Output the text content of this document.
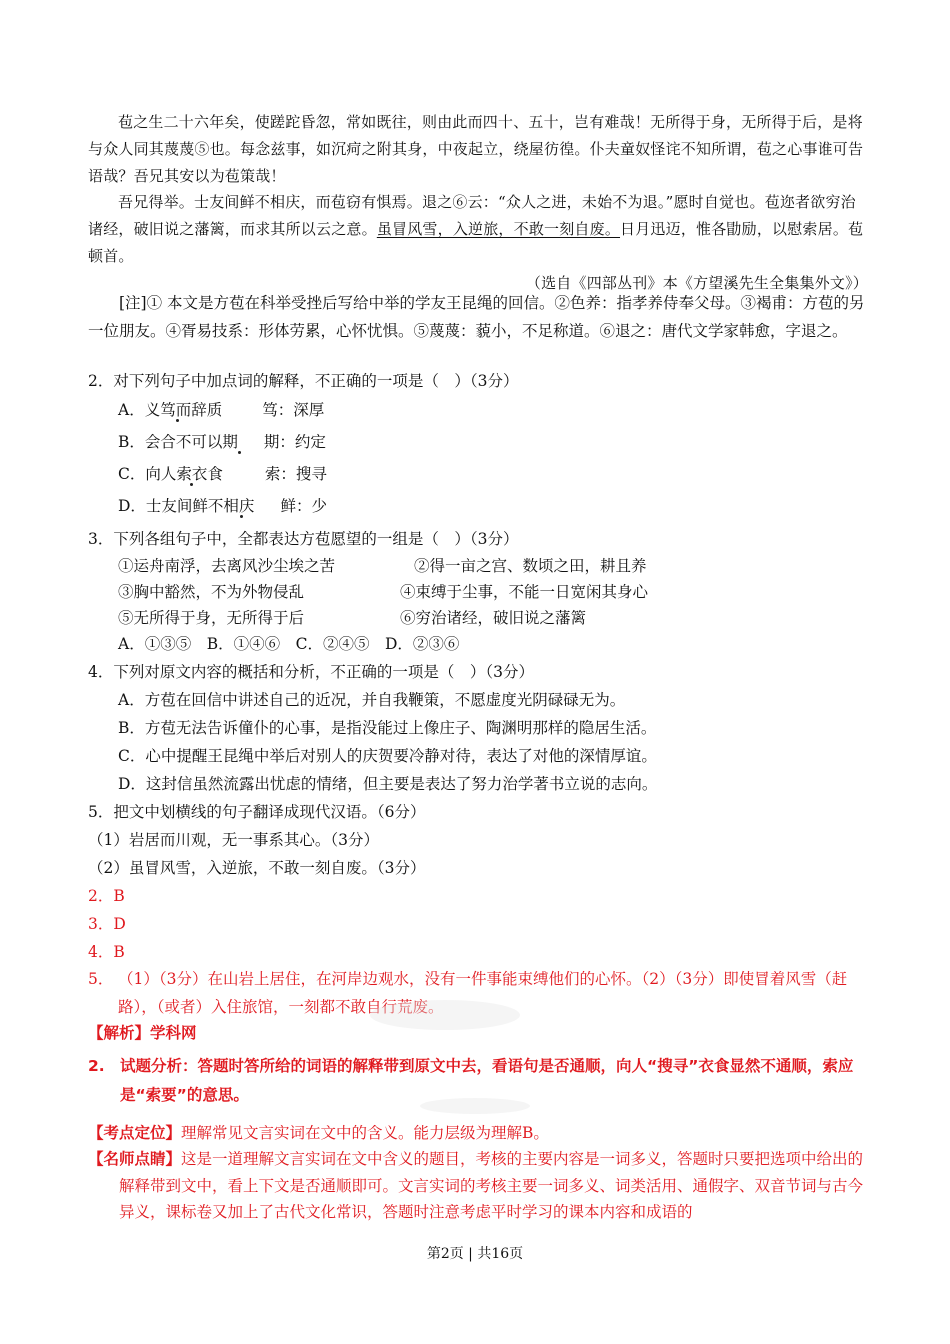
苞之生二十六年矣，使蹉跎昏忽，常如既往，则由此而四十、五十，岂有难哉！无所得于身，无所得于后，是将与众人同其蔑蔑⑤也。每念兹事，如沉疴之附其身，中夜起立，绕屋彷徨。仆夫童奴怪诧不知所谓，苞之心事谁可告语哉？吾兄其安以为苞策哉！

吾兄得举。士友间鲜不相庆，而苞窃有惧焉。退之⑥云：“众人之进，未始不为退。”愿时自觉也。苞迩者欲穷治诸经，破旧说之藩篱，而求其所以云之意。虽冒风雪，入逆旅，不敢一刻自废。日月迅迈，惟各勖励，以慰索居。苞顿首。

（选自《四部丛刊》本《方望溪先生全集集外文》）

[注]① 本文是方苞在科举受挫后写给中举的学友王昆绳的回信。②色养：指孝养侍奉父母。③褐甫：方苞的另一位朋友。④胥易技系：形体劳累，心怀忧惧。⑤蔑蔑：藐小，不足称道。⑥退之：唐代文学家韩愈，字退之。

2．对下列句子中加点词的解释，不正确的一项是（　）（3分）
A．义笃而辞质	笃：深厚
B．会合不可以期 期：约定
C．向人索衣食	索：搜寻
D．士友间鲜不相庆 鲜：少
3．下列各组句子中，全都表达方苞愿望的一组是（　）（3分）
①运舟南浮，去离风沙尘埃之苦	②得一亩之宫、数顷之田，耕且养
③胸中豁然，不为外物侵乱	④束缚于尘事，不能一日宽闲其身心
⑤无所得于身，无所得于后	⑥穷治诸经，破旧说之藩篱
A．①③⑤　B．①④⑥　C．②④⑤　D．②③⑥
4．下列对原文内容的概括和分析，不正确的一项是（　）（3分）
A．方苞在回信中讲述自己的近况，并自我鞭策，不愿虚度光阴碌碌无为。
B．方苞无法告诉僮仆的心事，是指没能过上像庄子、陶渊明那样的隐居生活。
C．心中提醒王昆绳中举后对别人的庆贺要冷静对待，表达了对他的深情厚谊。
D．这封信虽然流露出忧虑的情绪，但主要是表达了努力治学著书立说的志向。
5．把文中划横线的句子翻译成现代汉语。（6分）
（1）岩居而川观，无一事系其心。（3分）
（2）虽冒风雪，入逆旅，不敢一刻自废。（3分）
2．B
3．D
4．B
5． （1）（3分）在山岩上居住，在河岸边观水，没有一件事能束缚他们的心怀。（2）（3分）即使冒着风雪（赶路），（或者）入住旅馆，一刻都不敢自行荒废。
【解析】学科网
2. 试题分析：答题时答所给的词语的解释带到原文中去，看语句是否通顺，向人“搜寻”衣食显然不通顺，索应是“索要”的意思。
【考点定位】理解常见文言实词在文中的含义。能力层级为理解B。
【名师点睛】这是一道理解文言实词在文中含义的题目，考核的主要内容是一词多义，答题时只要把选项中给出的解释带到文中，看上下文是否通顺即可。文言实词的考核主要一词多义、词类活用、通假字、双音节词与古今异义，课标卷又加上了古代文化常识，答题时注意考虑平时学习的课本内容和成语的
第2页 | 共16页
